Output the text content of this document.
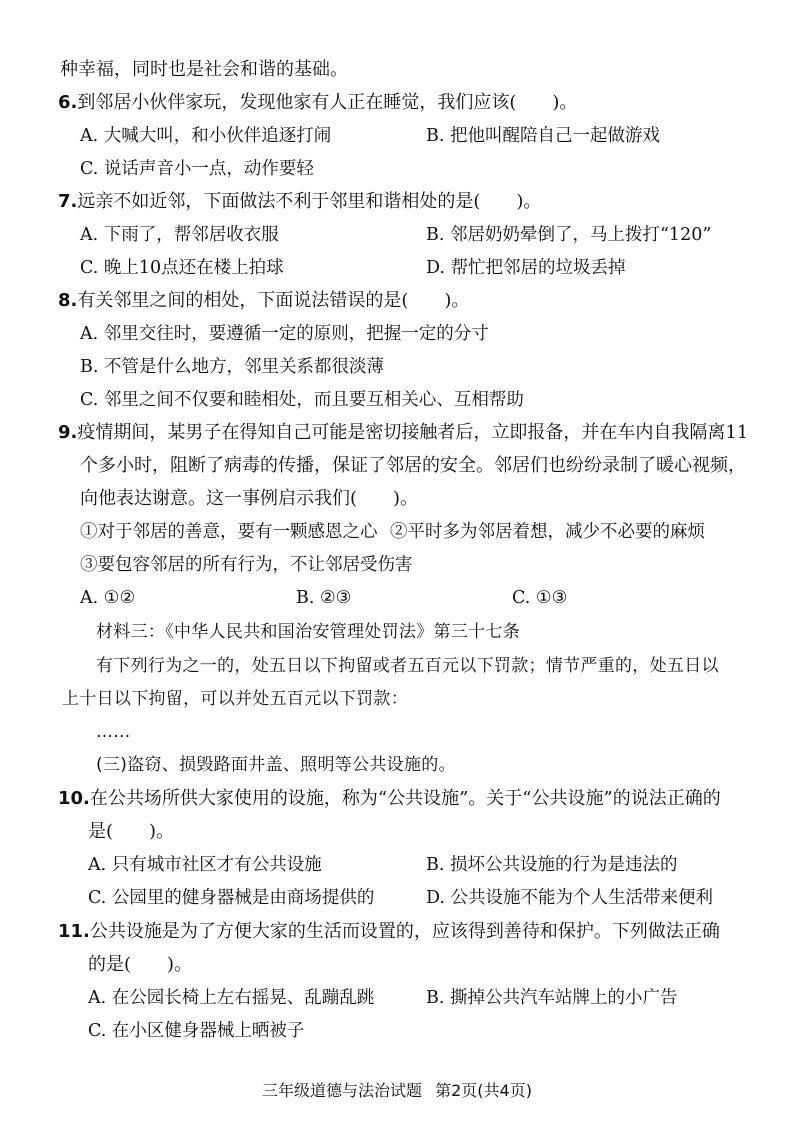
种幸福，同时也是社会和谐的基础。
6.到邻居小伙伴家玩，发现他家有人正在睡觉，我们应该(　　)。
A. 大喊大叫，和小伙伴追逐打闹	B. 把他叫醒陪自己一起做游戏
C. 说话声音小一点，动作要轻
7.远亲不如近邻，下面做法不利于邻里和谐相处的是(　　)。
A. 下雨了，帮邻居收衣服	B. 邻居奶奶晕倒了，马上拨打“120”
C. 晚上10点还在楼上拍球	D. 帮忙把邻居的垃圾丢掉
8.有关邻里之间的相处，下面说法错误的是(　　)。
A. 邻里交往时，要遵循一定的原则，把握一定的分寸
B. 不管是什么地方，邻里关系都很淡薄
C. 邻里之间不仅要和睦相处，而且要互相关心、互相帮助
9.疫情期间，某男子在得知自己可能是密切接触者后，立即报备，并在车内自我隔离11
个多小时，阻断了病毒的传播，保证了邻居的安全。邻居们也纷纷录制了暖心视频，
向他表达谢意。这一事例启示我们(　　)。
①对于邻居的善意，要有一颗感恩之心 ②平时多为邻居着想，减少不必要的麻烦
③要包容邻居的所有行为，不让邻居受伤害
A. ①②	B. ②③	C. ①③
材料三：《中华人民共和国治安管理处罚法》第三十七条
有下列行为之一的，处五日以下拘留或者五百元以下罚款；情节严重的，处五日以
上十日以下拘留，可以并处五百元以下罚款：
……
(三)盗窃、损毁路面井盖、照明等公共设施的。
10.在公共场所供大家使用的设施，称为“公共设施”。关于“公共设施”的说法正确的
是(　　)。
A. 只有城市社区才有公共设施	B. 损坏公共设施的行为是违法的
C. 公园里的健身器械是由商场提供的	D. 公共设施不能为个人生活带来便利
11.公共设施是为了方便大家的生活而设置的，应该得到善待和保护。下列做法正确
的是(　　)。
A. 在公园长椅上左右摇晃、乱蹦乱跳	B. 撕掉公共汽车站牌上的小广告
C. 在小区健身器械上晒被子
三年级道德与法治试题 第2页(共4页)
